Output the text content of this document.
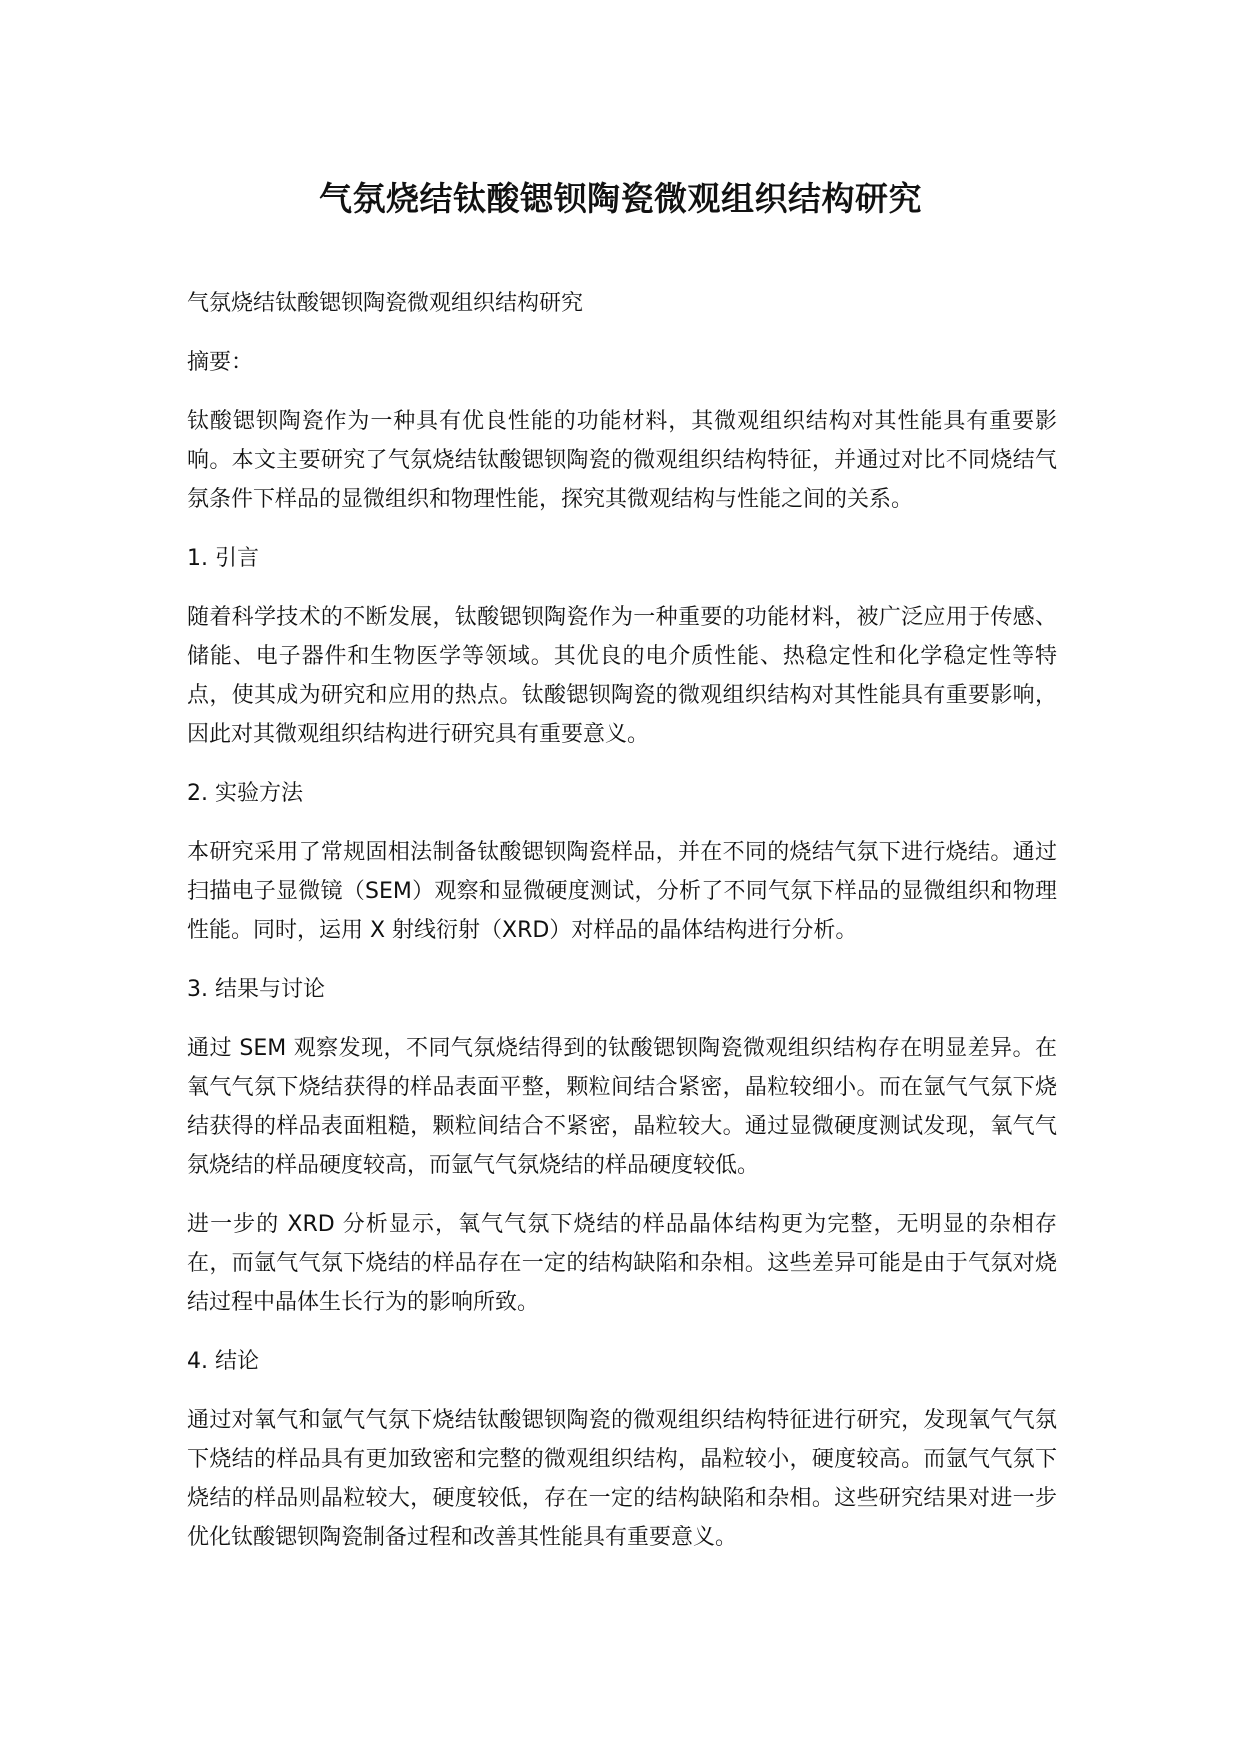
气氛烧结钛酸锶钡陶瓷微观组织结构研究

气氛烧结钛酸锶钡陶瓷微观组织结构研究

摘要：

钛酸锶钡陶瓷作为一种具有优良性能的功能材料，其微观组织结构对其性能具有重要影响。本文主要研究了气氛烧结钛酸锶钡陶瓷的微观组织结构特征，并通过对比不同烧结气氛条件下样品的显微组织和物理性能，探究其微观结构与性能之间的关系。

1. 引言

随着科学技术的不断发展，钛酸锶钡陶瓷作为一种重要的功能材料，被广泛应用于传感、储能、电子器件和生物医学等领域。其优良的电介质性能、热稳定性和化学稳定性等特点，使其成为研究和应用的热点。钛酸锶钡陶瓷的微观组织结构对其性能具有重要影响，因此对其微观组织结构进行研究具有重要意义。

2. 实验方法

本研究采用了常规固相法制备钛酸锶钡陶瓷样品，并在不同的烧结气氛下进行烧结。通过扫描电子显微镜（SEM）观察和显微硬度测试，分析了不同气氛下样品的显微组织和物理性能。同时，运用 X 射线衍射（XRD）对样品的晶体结构进行分析。

3. 结果与讨论

通过 SEM 观察发现，不同气氛烧结得到的钛酸锶钡陶瓷微观组织结构存在明显差异。在氧气气氛下烧结获得的样品表面平整，颗粒间结合紧密，晶粒较细小。而在氩气气氛下烧结获得的样品表面粗糙，颗粒间结合不紧密，晶粒较大。通过显微硬度测试发现，氧气气氛烧结的样品硬度较高，而氩气气氛烧结的样品硬度较低。

进一步的 XRD 分析显示，氧气气氛下烧结的样品晶体结构更为完整，无明显的杂相存在，而氩气气氛下烧结的样品存在一定的结构缺陷和杂相。这些差异可能是由于气氛对烧结过程中晶体生长行为的影响所致。

4. 结论

通过对氧气和氩气气氛下烧结钛酸锶钡陶瓷的微观组织结构特征进行研究，发现氧气气氛下烧结的样品具有更加致密和完整的微观组织结构，晶粒较小，硬度较高。而氩气气氛下烧结的样品则晶粒较大，硬度较低，存在一定的结构缺陷和杂相。这些研究结果对进一步优化钛酸锶钡陶瓷制备过程和改善其性能具有重要意义。
